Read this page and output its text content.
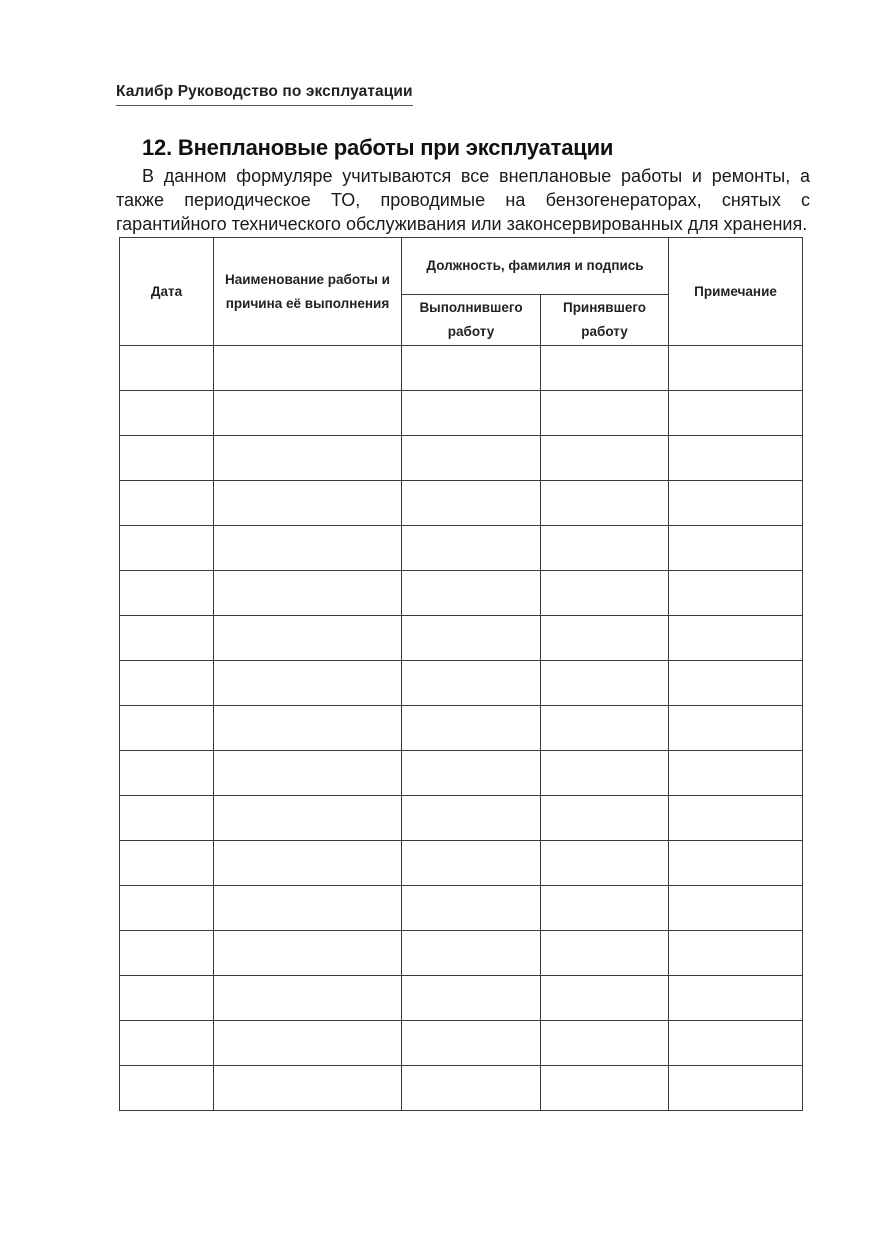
Калибр Руководство по эксплуатации
12. Внеплановые работы при эксплуатации

В данном формуляре учитываются все внеплановые работы и ремонты, а также периодическое ТО, проводимые на бензогенераторах, снятых с гарантийного технического обслуживания или законсервированных для хранения.

Дата	Наименование работы и причина её выполнения	Должность, фамилия и подпись		Примечание
		Выполнившего работу	Принявшего работу	
